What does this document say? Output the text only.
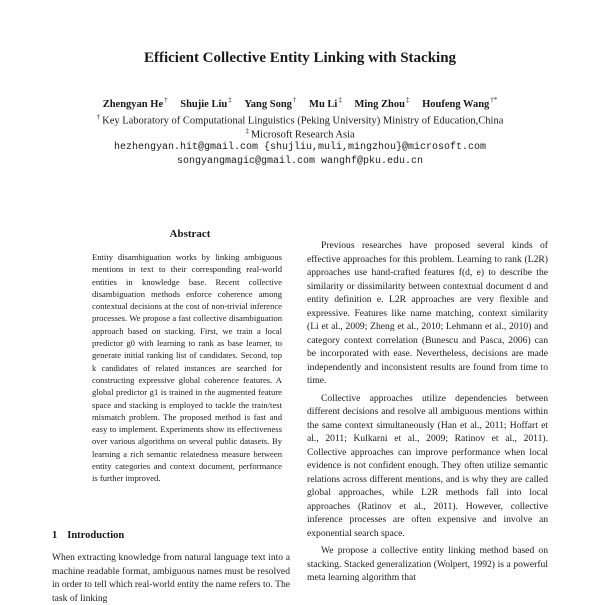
Efficient Collective Entity Linking with Stacking
Zhengyan He† Shujie Liu‡ Yang Song† Mu Li‡ Ming Zhou‡ Houfeng Wang†*
† Key Laboratory of Computational Linguistics (Peking University) Ministry of Education,China
‡ Microsoft Research Asia
hezhengyan.hit@gmail.com {shujliu,muli,mingzhou}@microsoft.com
songyangmagic@gmail.com wanghf@pku.edu.cn
Abstract
Entity disambiguation works by linking ambiguous mentions in text to their corresponding real-world entities in knowledge base. Recent collective disambiguation methods enforce coherence among contextual decisions at the cost of non-trivial inference processes. We propose a fast collective disambiguation approach based on stacking. First, we train a local predictor g0 with learning to rank as base learner, to generate initial ranking list of candidates. Second, top k candidates of related instances are searched for constructing expressive global coherence features. A global predictor g1 is trained in the augmented feature space and stacking is employed to tackle the train/test mismatch problem. The proposed method is fast and easy to implement. Experiments show its effectiveness over various algorithms on several public datasets. By learning a rich semantic relatedness measure between entity categories and context document, performance is further improved.
1 Introduction
When extracting knowledge from natural language text into a machine readable format, ambiguous names must be resolved in order to tell which real-world entity the name refers to. The task of linking

Previous researches have proposed several kinds of effective approaches for this problem. Learning to rank (L2R) approaches use hand-crafted features f(d, e) to describe the similarity or dissimilarity between contextual document d and entity definition e. L2R approaches are very flexible and expressive. Features like name matching, context similarity (Li et al., 2009; Zheng et al., 2010; Lehmann et al., 2010) and category context correlation (Bunescu and Pasca, 2006) can be incorporated with ease. Nevertheless, decisions are made independently and inconsistent results are found from time to time.

Collective approaches utilize dependencies between different decisions and resolve all ambiguous mentions within the same context simultaneously (Han et al., 2011; Hoffart et al., 2011; Kulkarni et al., 2009; Ratinov et al., 2011). Collective approaches can improve performance when local evidence is not confident enough. They often utilize semantic relations across different mentions, and is why they are called global approaches, while L2R methods fall into local approaches (Ratinov et al., 2011). However, collective inference processes are often expensive and involve an exponential search space.

We propose a collective entity linking method based on stacking. Stacked generalization (Wolpert, 1992) is a powerful meta learning algorithm that
